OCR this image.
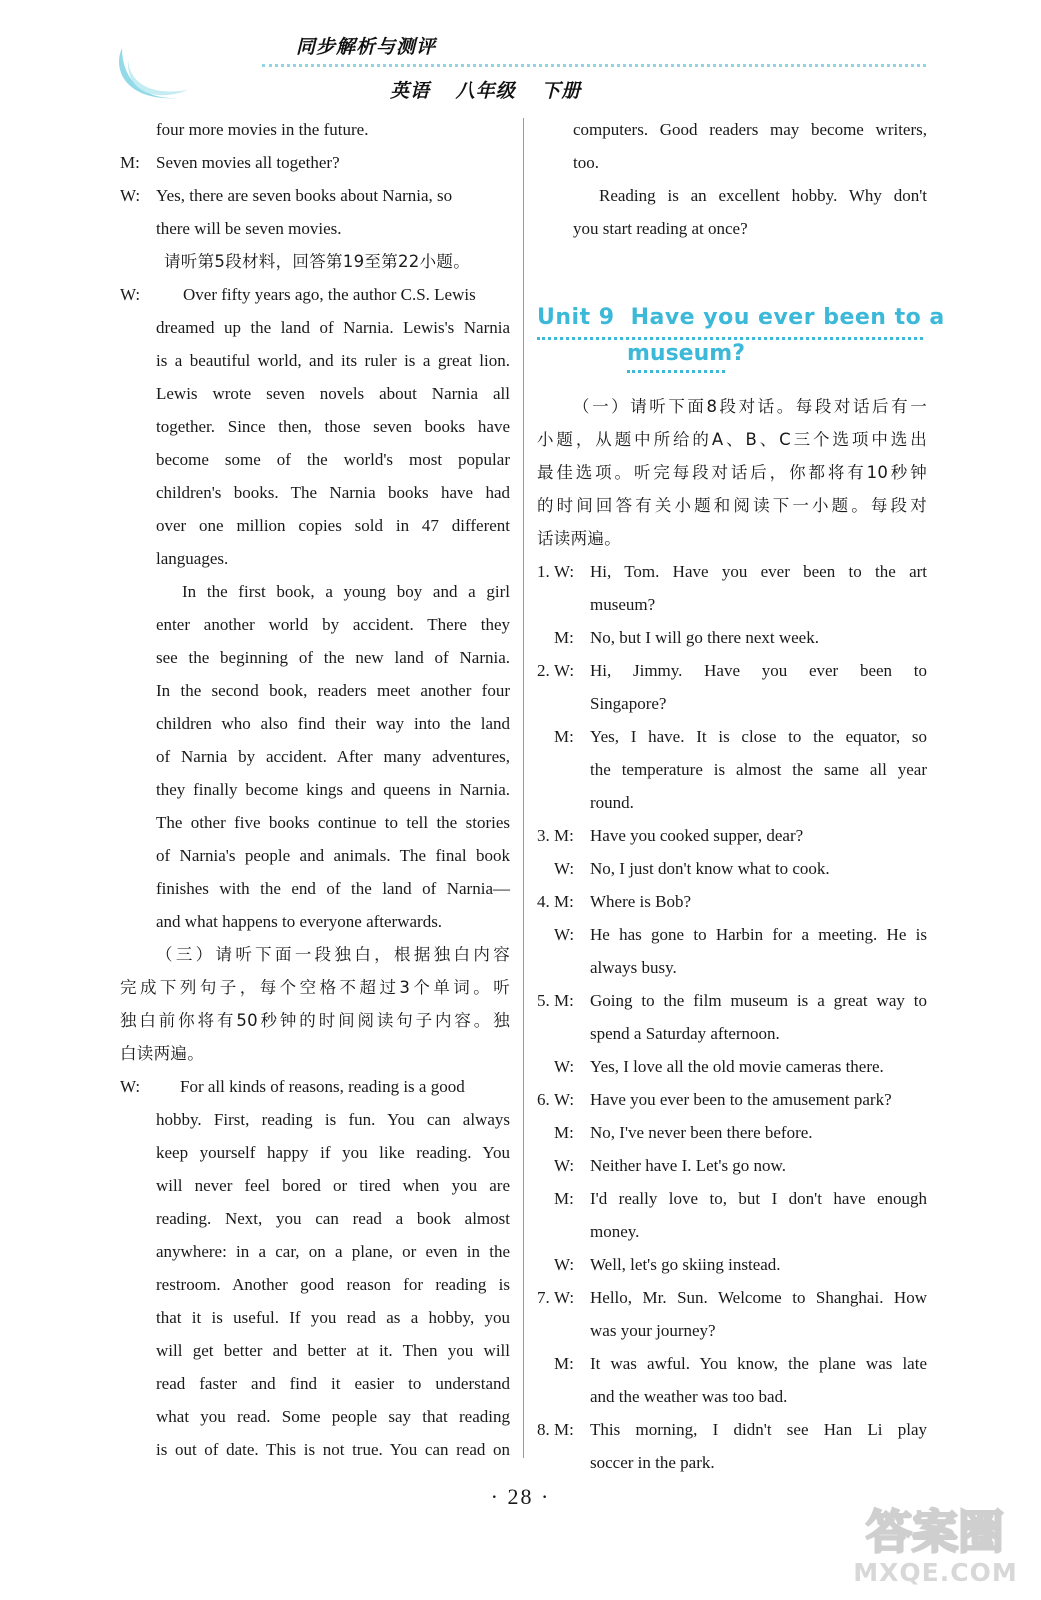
同步解析与测评
英语 八年级 下册
four more movies in the future.
M: Seven movies all together?
W: Yes, there are seven books about Narnia, so
there will be seven movies.
请听第5段材料，回答第19至第22小题。
W:	Over fifty years ago, the author C.S. Lewis
dreamed up the land of Narnia. Lewis's Narnia
is a beautiful world, and its ruler is a great lion.
Lewis wrote seven novels about Narnia all
together. Since then, those seven books have
become some of the world's most popular
children's books. The Narnia books have had
over one million copies sold in 47 different
languages.
In the first book, a young boy and a girl
enter another world by accident. There they
see the beginning of the new land of Narnia.
In the second book, readers meet another four
children who also find their way into the land
of Narnia by accident. After many adventures,
they finally become kings and queens in Narnia.
The other five books continue to tell the stories
of Narnia's people and animals. The final book
finishes with the end of the land of Narnia—
and what happens to everyone afterwards.
（三）请听下面一段独白，根据独白内容
完成下列句子，每个空格不超过3个单词。听
独白前你将有50秒钟的时间阅读句子内容。独
白读两遍。
W: For all kinds of reasons, reading is a good
hobby. First, reading is fun. You can always
keep yourself happy if you like reading. You
will never feel bored or tired when you are
reading. Next, you can read a book almost
anywhere: in a car, on a plane, or even in the
restroom. Another good reason for reading is
that it is useful. If you read as a hobby, you
will get better and better at it. Then you will
read faster and find it easier to understand
what you read. Some people say that reading
is out of date. This is not true. You can read on
computers. Good readers may become writers,
too.
Reading is an excellent hobby. Why don't
you start reading at once?
Unit 9 Have you ever been to a
museum?
（一）请听下面8段对话。每段对话后有一
小题，从题中所给的A、B、C三个选项中选出
最佳选项。听完每段对话后，你都将有10秒钟
的时间回答有关小题和阅读下一小题。每段对
话读两遍。
1. W: Hi, Tom. Have you ever been to the art
museum?
M: No, but I will go there next week.
2. W: Hi, Jimmy. Have you ever been to
Singapore?
M: Yes, I have. It is close to the equator, so
the temperature is almost the same all year
round.
3. M: Have you cooked supper, dear?
W: No, I just don't know what to cook.
4. M: Where is Bob?
W: He has gone to Harbin for a meeting. He is
always busy.
5. M: Going to the film museum is a great way to
spend a Saturday afternoon.
W: Yes, I love all the old movie cameras there.
6. W: Have you ever been to the amusement park?
M: No, I've never been there before.
W: Neither have I. Let's go now.
M: I'd really love to, but I don't have enough
money.
W: Well, let's go skiing instead.
7. W: Hello, Mr. Sun. Welcome to Shanghai. How
was your journey?
M: It was awful. You know, the plane was late
and the weather was too bad.
8. M: This morning, I didn't see Han Li play
soccer in the park.
· 28 ·
答案圈
MXQE.COM
